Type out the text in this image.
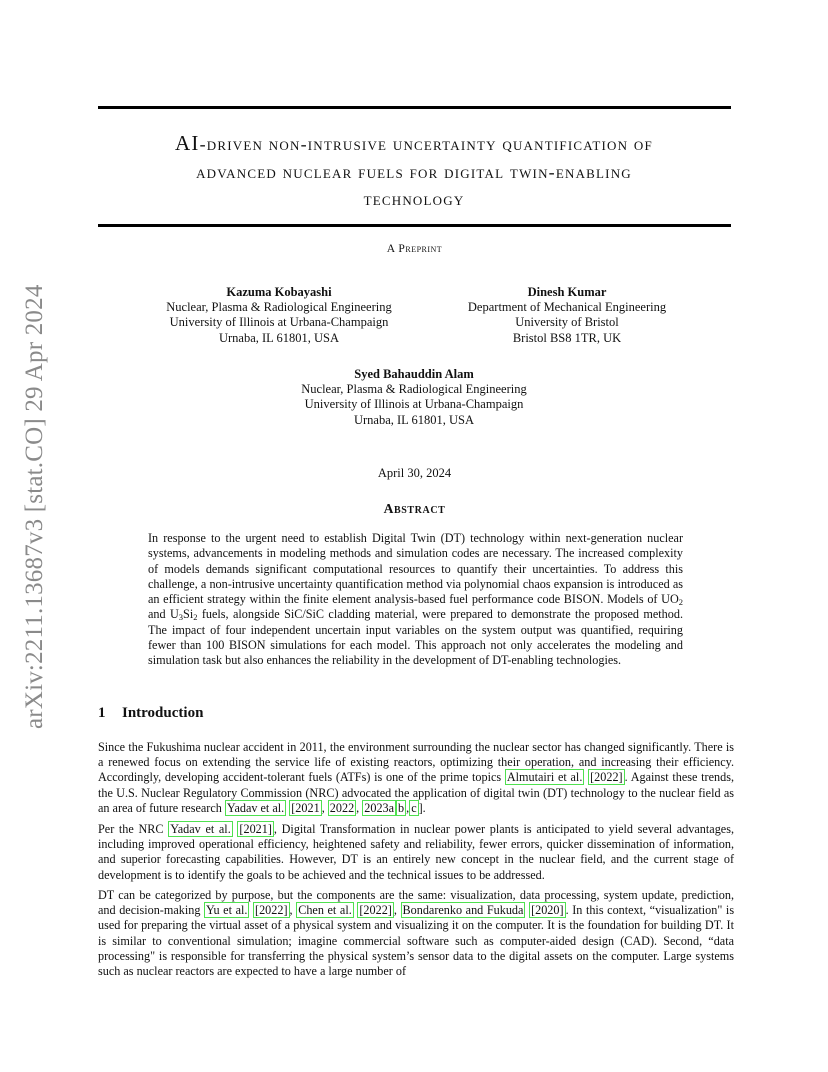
arXiv:2211.13687v3 [stat.CO] 29 Apr 2024
AI-driven non-intrusive uncertainty quantification of
advanced nuclear fuels for digital twin-enabling
technology
A Preprint
Kazuma Kobayashi
Nuclear, Plasma & Radiological Engineering
University of Illinois at Urbana-Champaign
Urnaba, IL 61801, USA
Dinesh Kumar
Department of Mechanical Engineering
University of Bristol
Bristol BS8 1TR, UK
Syed Bahauddin Alam
Nuclear, Plasma & Radiological Engineering
University of Illinois at Urbana-Champaign
Urnaba, IL 61801, USA
April 30, 2024
Abstract
In response to the urgent need to establish Digital Twin (DT) technology within next-generation nuclear systems, advancements in modeling methods and simulation codes are necessary. The increased complexity of models demands significant computational resources to quantify their uncertainties. To address this challenge, a non-intrusive uncertainty quantification method via polynomial chaos expansion is introduced as an efficient strategy within the finite element analysis-based fuel performance code BISON. Models of $UO_2$ and $U_3Si_2$ fuels, alongside SiC/SiC cladding material, were prepared to demonstrate the proposed method. The impact of four independent uncertain input variables on the system output was quantified, requiring fewer than 100 BISON simulations for each model. This approach not only accelerates the modeling and simulation task but also enhances the reliability in the development of DT-enabling technologies.
1 Introduction
Since the Fukushima nuclear accident in 2011, the environment surrounding the nuclear sector has changed significantly. There is a renewed focus on extending the service life of existing reactors, optimizing their operation, and increasing their efficiency. Accordingly, developing accident-tolerant fuels (ATFs) is one of the prime topics Almutairi et al. [2022] . Against these trends, the U.S. Nuclear Regulatory Commission (NRC) advocated the application of digital twin (DT) technology to the nuclear field as an area of future research Yadav et al. [2021 , 2022 , 2023a b , c ].
Per the NRC Yadav et al. [2021] , Digital Transformation in nuclear power plants is anticipated to yield several advantages, including improved operational efficiency, heightened safety and reliability, fewer errors, quicker dissemination of information, and superior forecasting capabilities. However, DT is an entirely new concept in the nuclear field, and the current stage of development is to identify the goals to be achieved and the technical issues to be addressed.
DT can be categorized by purpose, but the components are the same: visualization, data processing, system update, prediction, and decision-making Yu et al. [2022] , Chen et al. [2022] , Bondarenko and Fukuda [2020] . In this context, “visualization" is used for preparing the virtual asset of a physical system and visualizing it on the computer. It is the foundation for building DT. It is similar to conventional simulation; imagine commercial software such as computer-aided design (CAD). Second, “data processing" is responsible for transferring the physical system’s sensor data to the digital assets on the computer. Large systems such as nuclear reactors are expected to have a large number of
